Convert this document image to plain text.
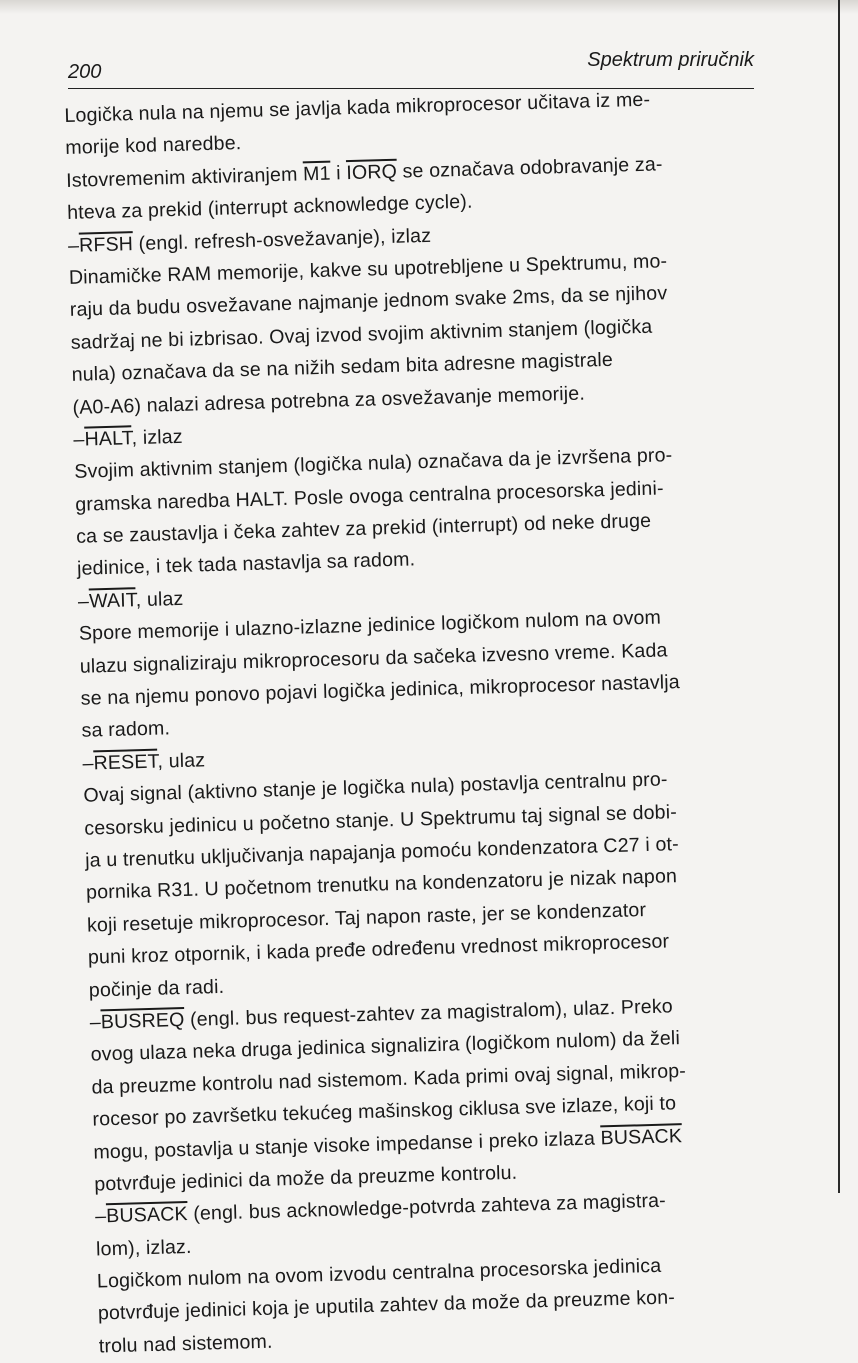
200
Spektrum priručnik
Logička nula na njemu se javlja kada mikroprocesor učitava iz me-
morije kod naredbe.
Istovremenim aktiviranjem M1 i IORQ se označava odobravanje za-
hteva za prekid (interrupt acknowledge cycle).
–RFSH (engl. refresh-osvežavanje), izlaz
Dinamičke RAM memorije, kakve su upotrebljene u Spektrumu, mo-
raju da budu osvežavane najmanje jednom svake 2ms, da se njihov
sadržaj ne bi izbrisao. Ovaj izvod svojim aktivnim stanjem (logička
nula) označava da se na nižih sedam bita adresne magistrale
(A0-A6) nalazi adresa potrebna za osvežavanje memorije.
–HALT, izlaz
Svojim aktivnim stanjem (logička nula) označava da je izvršena pro-
gramska naredba HALT. Posle ovoga centralna procesorska jedini-
ca se zaustavlja i čeka zahtev za prekid (interrupt) od neke druge
jedinice, i tek tada nastavlja sa radom.
–WAIT, ulaz
Spore memorije i ulazno-izlazne jedinice logičkom nulom na ovom
ulazu signaliziraju mikroprocesoru da sačeka izvesno vreme. Kada
se na njemu ponovo pojavi logička jedinica, mikroprocesor nastavlja
sa radom.
–RESET, ulaz
Ovaj signal (aktivno stanje je logička nula) postavlja centralnu pro-
cesorsku jedinicu u početno stanje. U Spektrumu taj signal se dobi-
ja u trenutku uključivanja napajanja pomoću kondenzatora C27 i ot-
pornika R31. U početnom trenutku na kondenzatoru je nizak napon
koji resetuje mikroprocesor. Taj napon raste, jer se kondenzator
puni kroz otpornik, i kada pređe određenu vrednost mikroprocesor
počinje da radi.
–BUSREQ (engl. bus request-zahtev za magistralom), ulaz. Preko
ovog ulaza neka druga jedinica signalizira (logičkom nulom) da želi
da preuzme kontrolu nad sistemom. Kada primi ovaj signal, mikrop-
rocesor po završetku tekućeg mašinskog ciklusa sve izlaze, koji to
mogu, postavlja u stanje visoke impedanse i preko izlaza BUSACK
potvrđuje jedinici da može da preuzme kontrolu.
–BUSACK (engl. bus acknowledge-potvrda zahteva za magistra-
lom), izlaz.
Logičkom nulom na ovom izvodu centralna procesorska jedinica
potvrđuje jedinici koja je uputila zahtev da može da preuzme kon-
trolu nad sistemom.
